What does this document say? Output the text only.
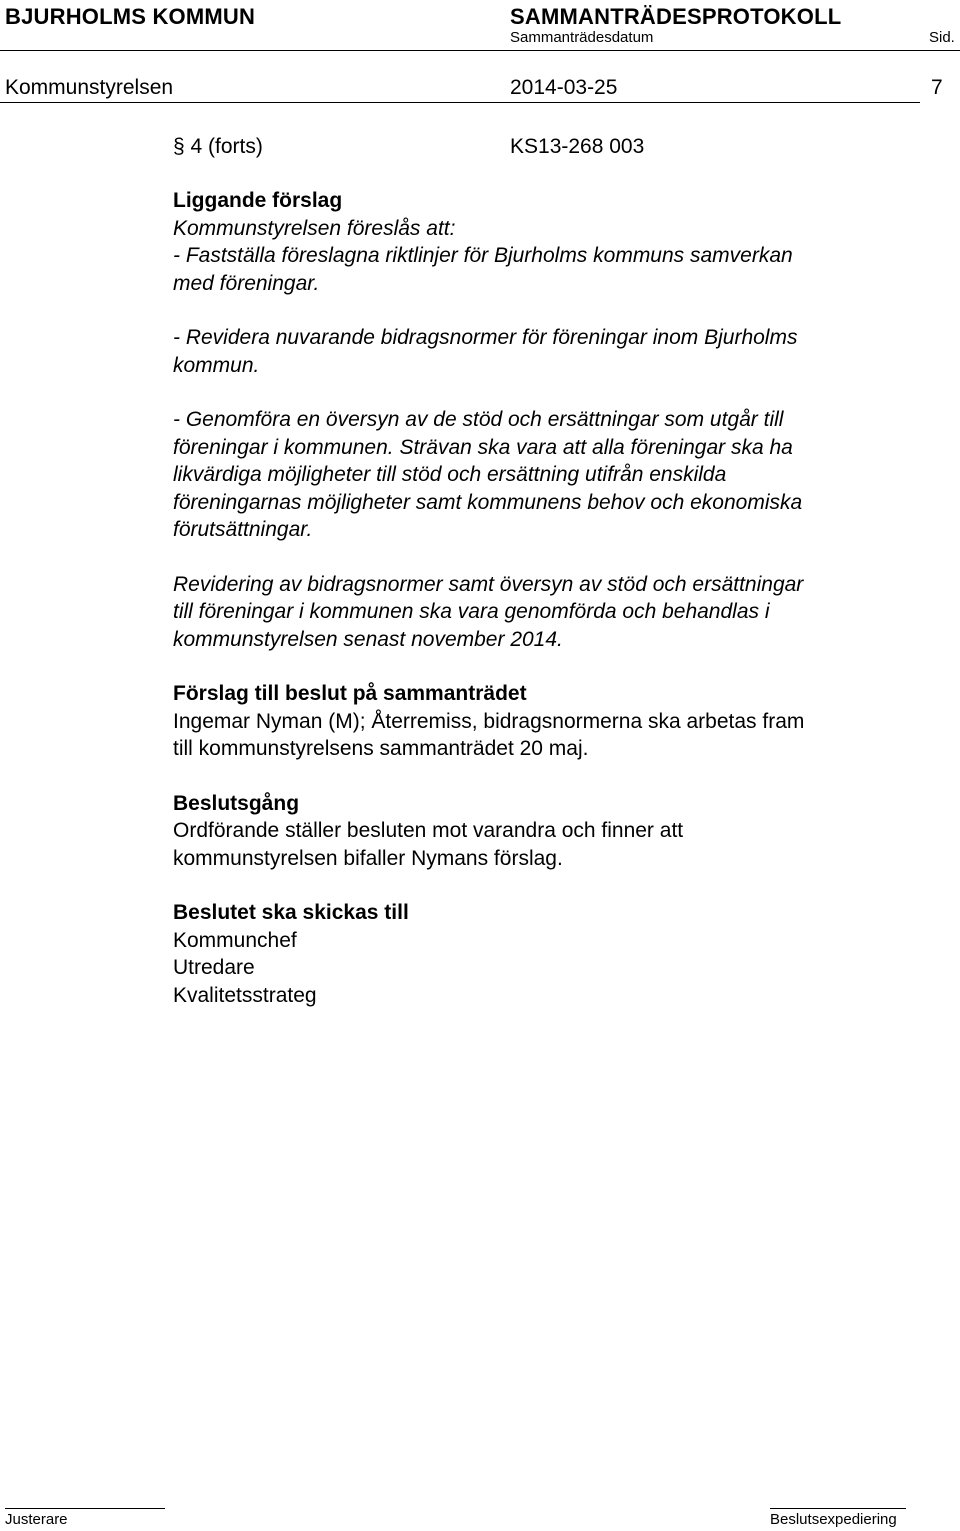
BJURHOLMS KOMMUN	SAMMANTRÄDESPROTOKOLL
Sammanträdesdatum	Sid.
Kommunstyrelsen	2014-03-25	7
§ 4 (forts)	KS13-268 003

Liggande förslag

Kommunstyrelsen föreslås att:

- Fastställa föreslagna riktlinjer för Bjurholms kommuns samverkan

med föreningar.

- Revidera nuvarande bidragsnormer för föreningar inom Bjurholms

kommun.

- Genomföra en översyn av de stöd och ersättningar som utgår till

föreningar i kommunen. Strävan ska vara att alla föreningar ska ha

likvärdiga möjligheter till stöd och ersättning utifrån enskilda

föreningarnas möjligheter samt kommunens behov och ekonomiska

förutsättningar.

Revidering av bidragsnormer samt översyn av stöd och ersättningar

till föreningar i kommunen ska vara genomförda och behandlas i

kommunstyrelsen senast november 2014.

Förslag till beslut på sammanträdet

Ingemar Nyman (M); Återremiss, bidragsnormerna ska arbetas fram

till kommunstyrelsens sammanträdet 20 maj.

Beslutsgång

Ordförande ställer besluten mot varandra och finner att

kommunstyrelsen bifaller Nymans förslag.

Beslutet ska skickas till

Kommunchef

Utredare

Kvalitetsstrateg

Justerare	Beslutsexpediering
